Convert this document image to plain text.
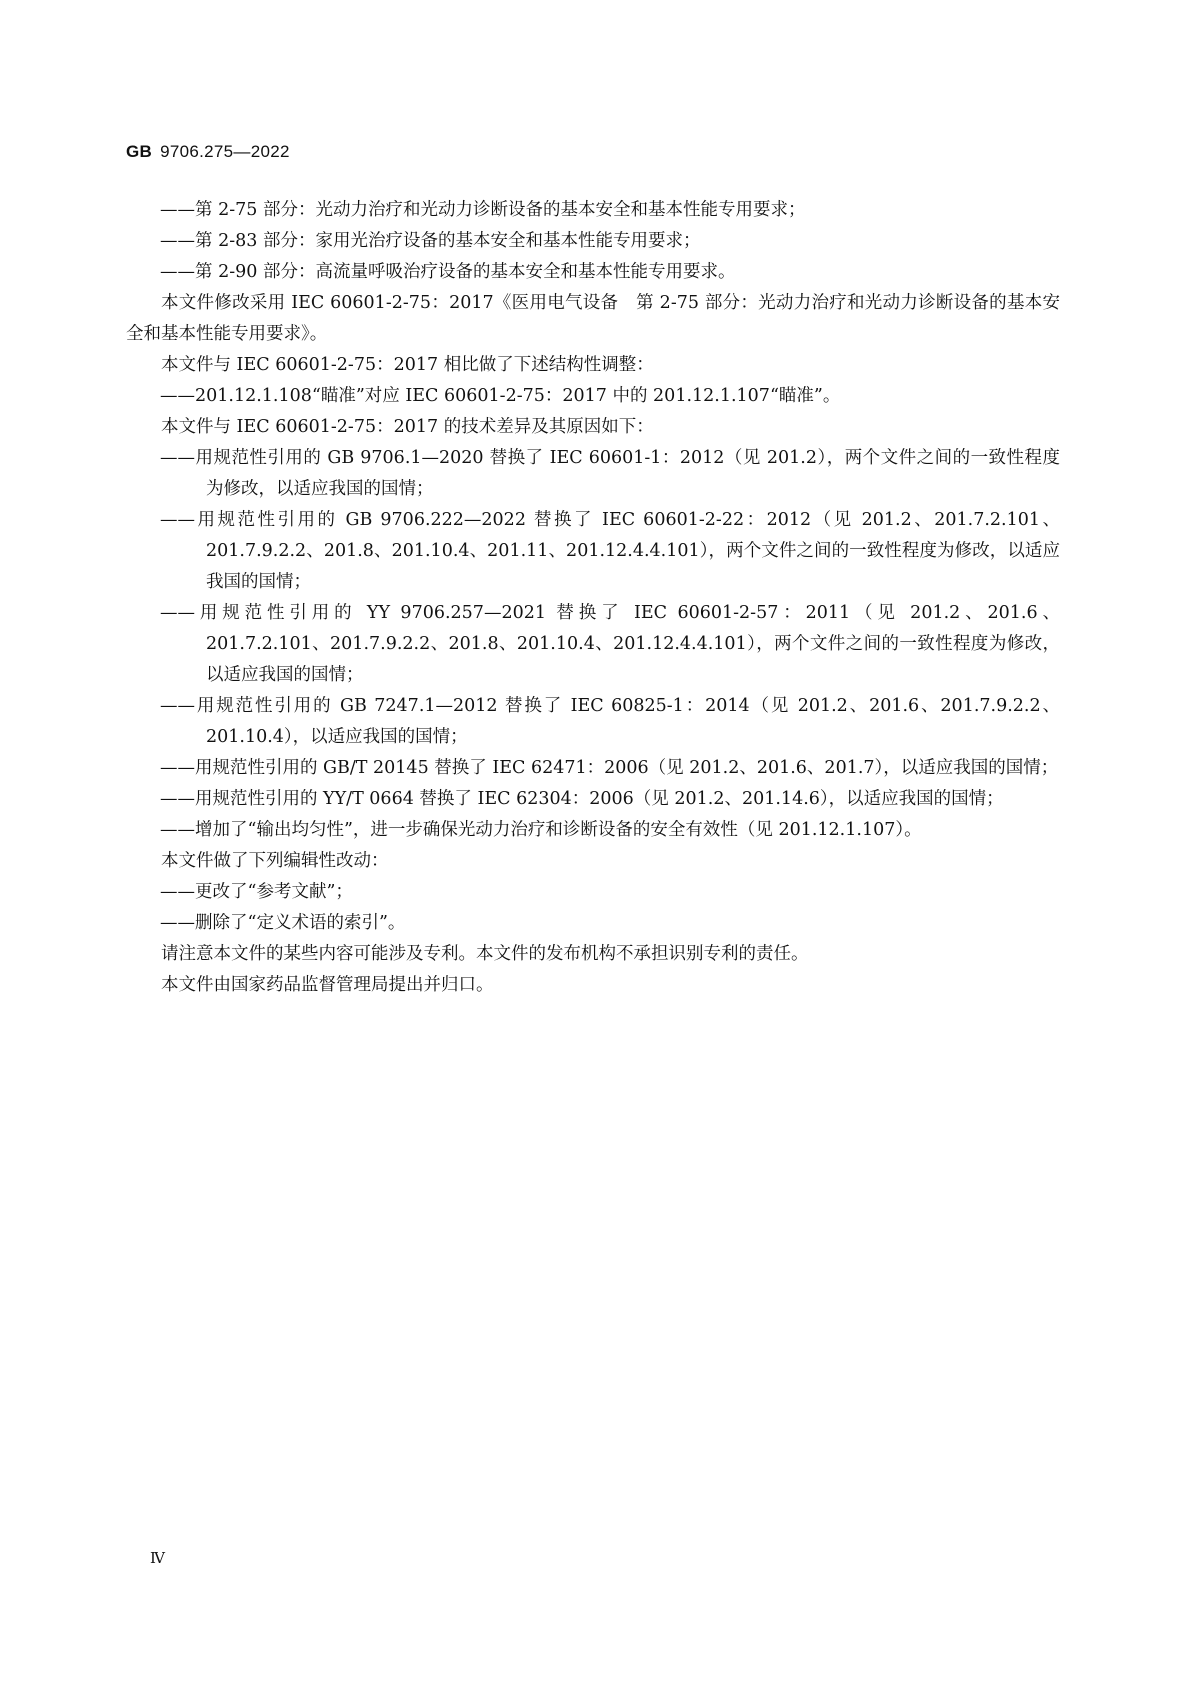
GB 9706.275—2022

——第 2-75 部分：光动力治疗和光动力诊断设备的基本安全和基本性能专用要求；

——第 2-83 部分：家用光治疗设备的基本安全和基本性能专用要求；

——第 2-90 部分：高流量呼吸治疗设备的基本安全和基本性能专用要求。

本文件修改采用 IEC 60601-2-75：2017《医用电气设备　第 2-75 部分：光动力治疗和光动力诊断设备的基本安全和基本性能专用要求》。

本文件与 IEC 60601-2-75：2017 相比做了下述结构性调整：

——201.12.1.108“瞄准”对应 IEC 60601-2-75：2017 中的 201.12.1.107“瞄准”。

本文件与 IEC 60601-2-75：2017 的技术差异及其原因如下：

——用规范性引用的 GB 9706.1—2020 替换了 IEC 60601-1：2012（见 201.2），两个文件之间的一致性程度为修改，以适应我国的国情；

——用规范性引用的 GB 9706.222—2022 替换了 IEC 60601-2-22：2012（见 201.2、201.7.2.101、201.7.9.2.2、201.8、201.10.4、201.11、201.12.4.4.101），两个文件之间的一致性程度为修改，以适应我国的国情；

——用规范性引用的 YY 9706.257—2021 替换了 IEC 60601-2-57：2011（见 201.2、201.6、201.7.2.101、201.7.9.2.2、201.8、201.10.4、201.12.4.4.101），两个文件之间的一致性程度为修改，以适应我国的国情；

——用规范性引用的 GB 7247.1—2012 替换了 IEC 60825-1：2014（见 201.2、201.6、201.7.9.2.2、201.10.4），以适应我国的国情；

——用规范性引用的 GB/T 20145 替换了 IEC 62471：2006（见 201.2、201.6、201.7），以适应我国的国情；

——用规范性引用的 YY/T 0664 替换了 IEC 62304：2006（见 201.2、201.14.6），以适应我国的国情；

——增加了“输出均匀性”，进一步确保光动力治疗和诊断设备的安全有效性（见 201.12.1.107）。

本文件做了下列编辑性改动：

——更改了“参考文献”；

——删除了“定义术语的索引”。

请注意本文件的某些内容可能涉及专利。本文件的发布机构不承担识别专利的责任。

本文件由国家药品监督管理局提出并归口。

Ⅳ
